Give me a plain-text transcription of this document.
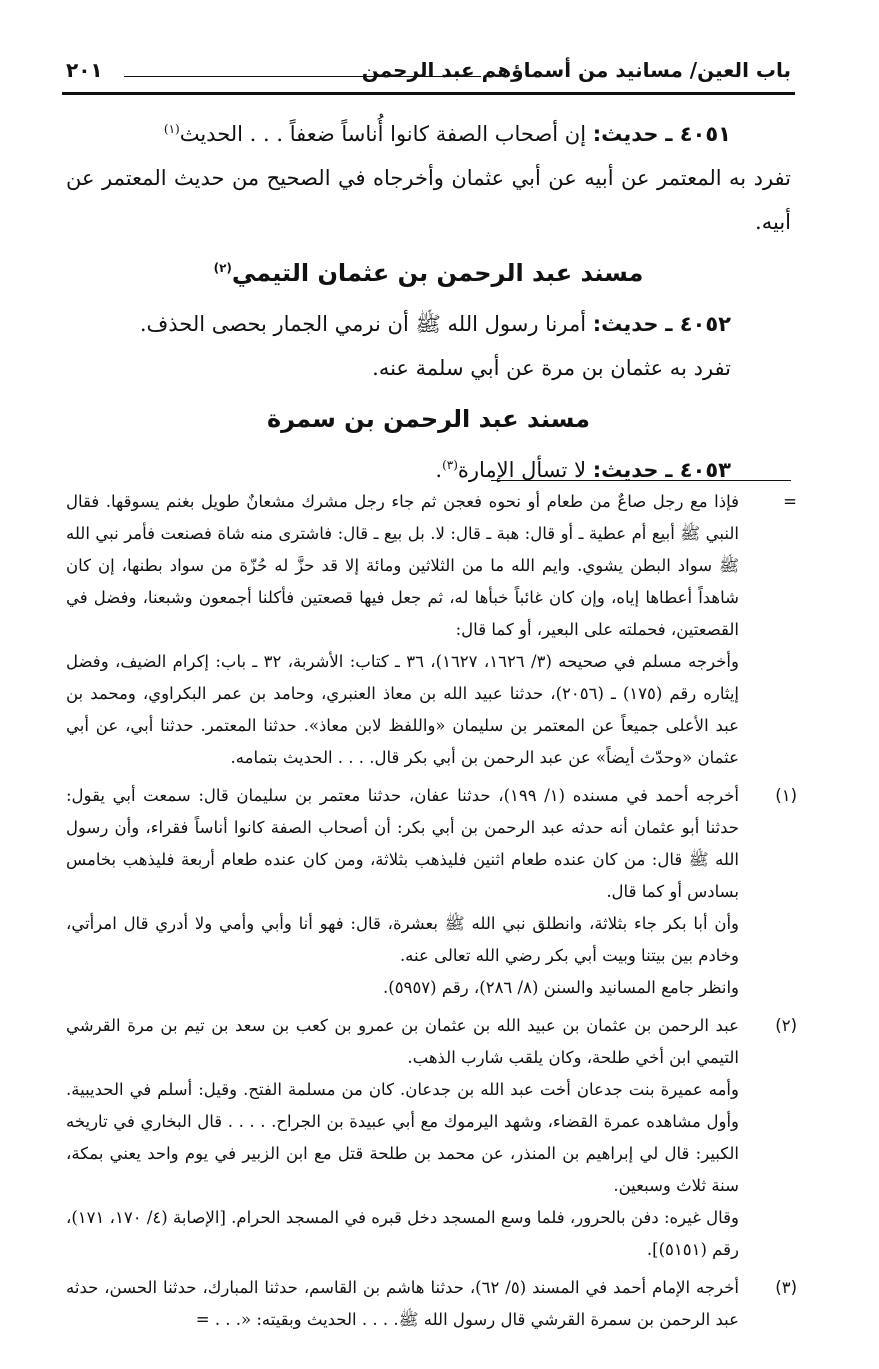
باب العين/ مسانيد من أسماؤهم عبد الرحمن
٢٠١

٤٠٥١ ـ حديث: إن أصحاب الصفة كانوا أُناساً ضعفاً . . . الحديث$^{(١)}$

تفرد به المعتمر عن أبيه عن أبي عثمان وأخرجاه في الصحيح من حديث المعتمر عن أبيه.

مسند عبد الرحمن بن عثمان التيمي$^{(٢)}$

٤٠٥٢ ـ حديث: أمرنا رسول الله ﷺ أن نرمي الجمار بحصى الحذف.

تفرد به عثمان بن مرة عن أبي سلمة عنه.

مسند عبد الرحمن بن سمرة

٤٠٥٣ ـ حديث: لا تسأل الإمارة$^{(٣)}$.

=

فإذا مع رجل صاعٌ من طعام أو نحوه فعجن ثم جاء رجل مشرك مشعانٌ طويل بغنم يسوقها. فقال النبي ﷺ أبيع أم عطية ـ أو قال: هبة ـ قال: لا. بل بيع ـ قال: فاشترى منه شاة فصنعت فأمر نبي الله ﷺ سواد البطن يشوي. وايم الله ما من الثلاثين ومائة إلا قد حزَّ له حُزّة من سواد بطنها، إن كان شاهداً أعطاها إياه، وإن كان غائباً خبأها له، ثم جعل فيها قصعتين فأكلنا أجمعون وشبعنا، وفضل في القصعتين، فحملته على البعير، أو كما قال:

وأخرجه مسلم في صحيحه (٣/ ١٦٢٦، ١٦٢٧)، ٣٦ ـ كتاب: الأشربة، ٣٢ ـ باب: إكرام الضيف، وفضل إيثاره رقم (١٧٥) ـ (٢٠٥٦)، حدثنا عبيد الله بن معاذ العنبري، وحامد بن عمر البكراوي، ومحمد بن عبد الأعلى جميعاً عن المعتمر بن سليمان «واللفظ لابن معاذ». حدثنا المعتمر. حدثنا أبي، عن أبي عثمان «وحدّث أيضاً» عن عبد الرحمن بن أبي بكر قال. . . . الحديث بتمامه.

(١)

أخرجه أحمد في مسنده (١/ ١٩٩)، حدثنا عفان، حدثنا معتمر بن سليمان قال: سمعت أبي يقول: حدثنا أبو عثمان أنه حدثه عبد الرحمن بن أبي بكر: أن أصحاب الصفة كانوا أناساً فقراء، وأن رسول الله ﷺ قال: من كان عنده طعام اثنين فليذهب بثلاثة، ومن كان عنده طعام أربعة فليذهب بخامس بسادس أو كما قال.

وأن أبا بكر جاء بثلاثة، وانطلق نبي الله ﷺ بعشرة، قال: فهو أنا وأبي وأمي ولا أدري قال امرأتي، وخادم بين بيتنا وبيت أبي بكر رضي الله تعالى عنه.

وانظر جامع المسانيد والسنن (٨/ ٢٨٦)، رقم (٥٩٥٧).

(٢)

عبد الرحمن بن عثمان بن عبيد الله بن عثمان بن عمرو بن كعب بن سعد بن تيم بن مرة القرشي التيمي ابن أخي طلحة، وكان يلقب شارب الذهب.

وأمه عميرة بنت جدعان أخت عبد الله بن جدعان. كان من مسلمة الفتح. وقيل: أسلم في الحديبية. وأول مشاهده عمرة القضاء، وشهد اليرموك مع أبي عبيدة بن الجراح. . . . . قال البخاري في تاريخه الكبير: قال لي إبراهيم بن المنذر، عن محمد بن طلحة قتل مع ابن الزبير في يوم واحد يعني بمكة، سنة ثلاث وسبعين.

وقال غيره: دفن بالحرور، فلما وسع المسجد دخل قبره في المسجد الحرام. [الإصابة (٤/ ١٧٠، ١٧١)، رقم (٥١٥١)].

(٣)

أخرجه الإمام أحمد في المسند (٥/ ٦٢)، حدثنا هاشم بن القاسم، حدثنا المبارك، حدثنا الحسن، حدثه عبد الرحمن بن سمرة القرشي قال رسول الله ﷺ. . . . الحديث وبقيته: «. . . =
